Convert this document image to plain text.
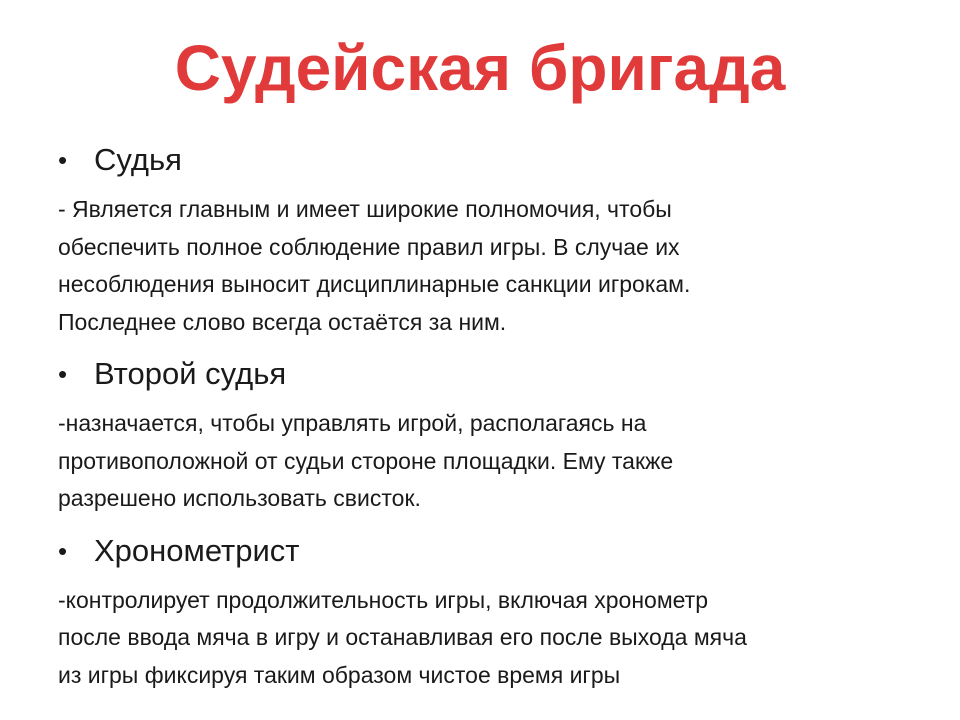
Судейская бригада
• Судья

- Является главным и имеет широкие полномочия, чтобы
обеспечить полное соблюдение правил игры. В случае их
несоблюдения выносит дисциплинарные санкции игрокам.
Последнее слово всегда остаётся за ним.

• Второй судья

-назначается, чтобы управлять игрой, располагаясь на
противоположной от судьи стороне площадки. Ему также
разрешено использовать свисток.

• Хронометрист

-контролирует продолжительность игры, включая хронометр
после ввода мяча в игру и останавливая его после выхода мяча
из игры фиксируя таким образом чистое время игры
